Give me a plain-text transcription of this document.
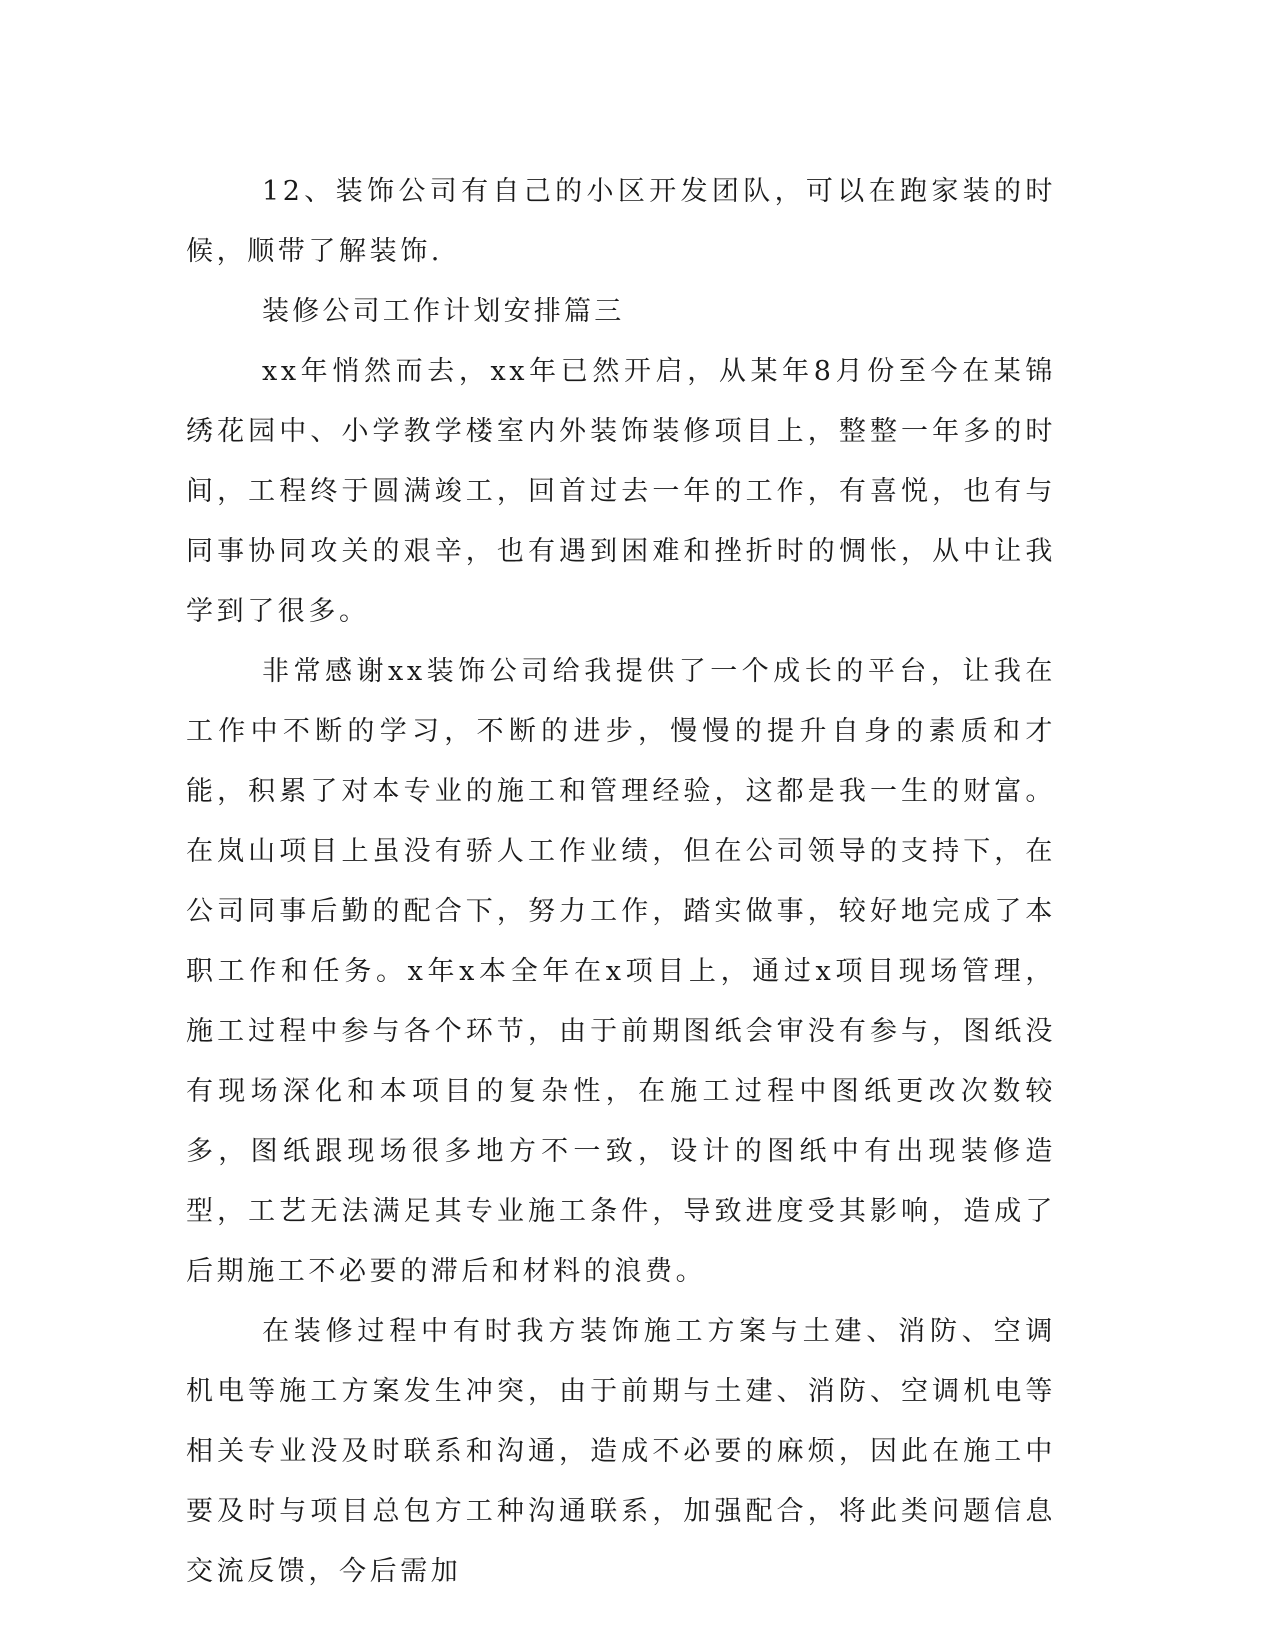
12、装饰公司有自己的小区开发团队，可以在跑家装的时候，顺带了解装饰.

装修公司工作计划安排篇三

xx年悄然而去，xx年已然开启，从某年8月份至今在某锦绣花园中、小学教学楼室内外装饰装修项目上，整整一年多的时间，工程终于圆满竣工，回首过去一年的工作，有喜悦，也有与同事协同攻关的艰辛，也有遇到困难和挫折时的惆怅，从中让我学到了很多。

非常感谢xx装饰公司给我提供了一个成长的平台，让我在工作中不断的学习，不断的进步，慢慢的提升自身的素质和才能，积累了对本专业的施工和管理经验，这都是我一生的财富。在岚山项目上虽没有骄人工作业绩，但在公司领导的支持下，在公司同事后勤的配合下，努力工作，踏实做事，较好地完成了本职工作和任务。x年x本全年在x项目上，通过x项目现场管理，施工过程中参与各个环节，由于前期图纸会审没有参与，图纸没有现场深化和本项目的复杂性，在施工过程中图纸更改次数较多，图纸跟现场很多地方不一致，设计的图纸中有出现装修造型，工艺无法满足其专业施工条件，导致进度受其影响，造成了后期施工不必要的滞后和材料的浪费。

在装修过程中有时我方装饰施工方案与土建、消防、空调机电等施工方案发生冲突，由于前期与土建、消防、空调机电等相关专业没及时联系和沟通，造成不必要的麻烦，因此在施工中要及时与项目总包方工种沟通联系，加强配合，将此类问题信息交流反馈，今后需加
